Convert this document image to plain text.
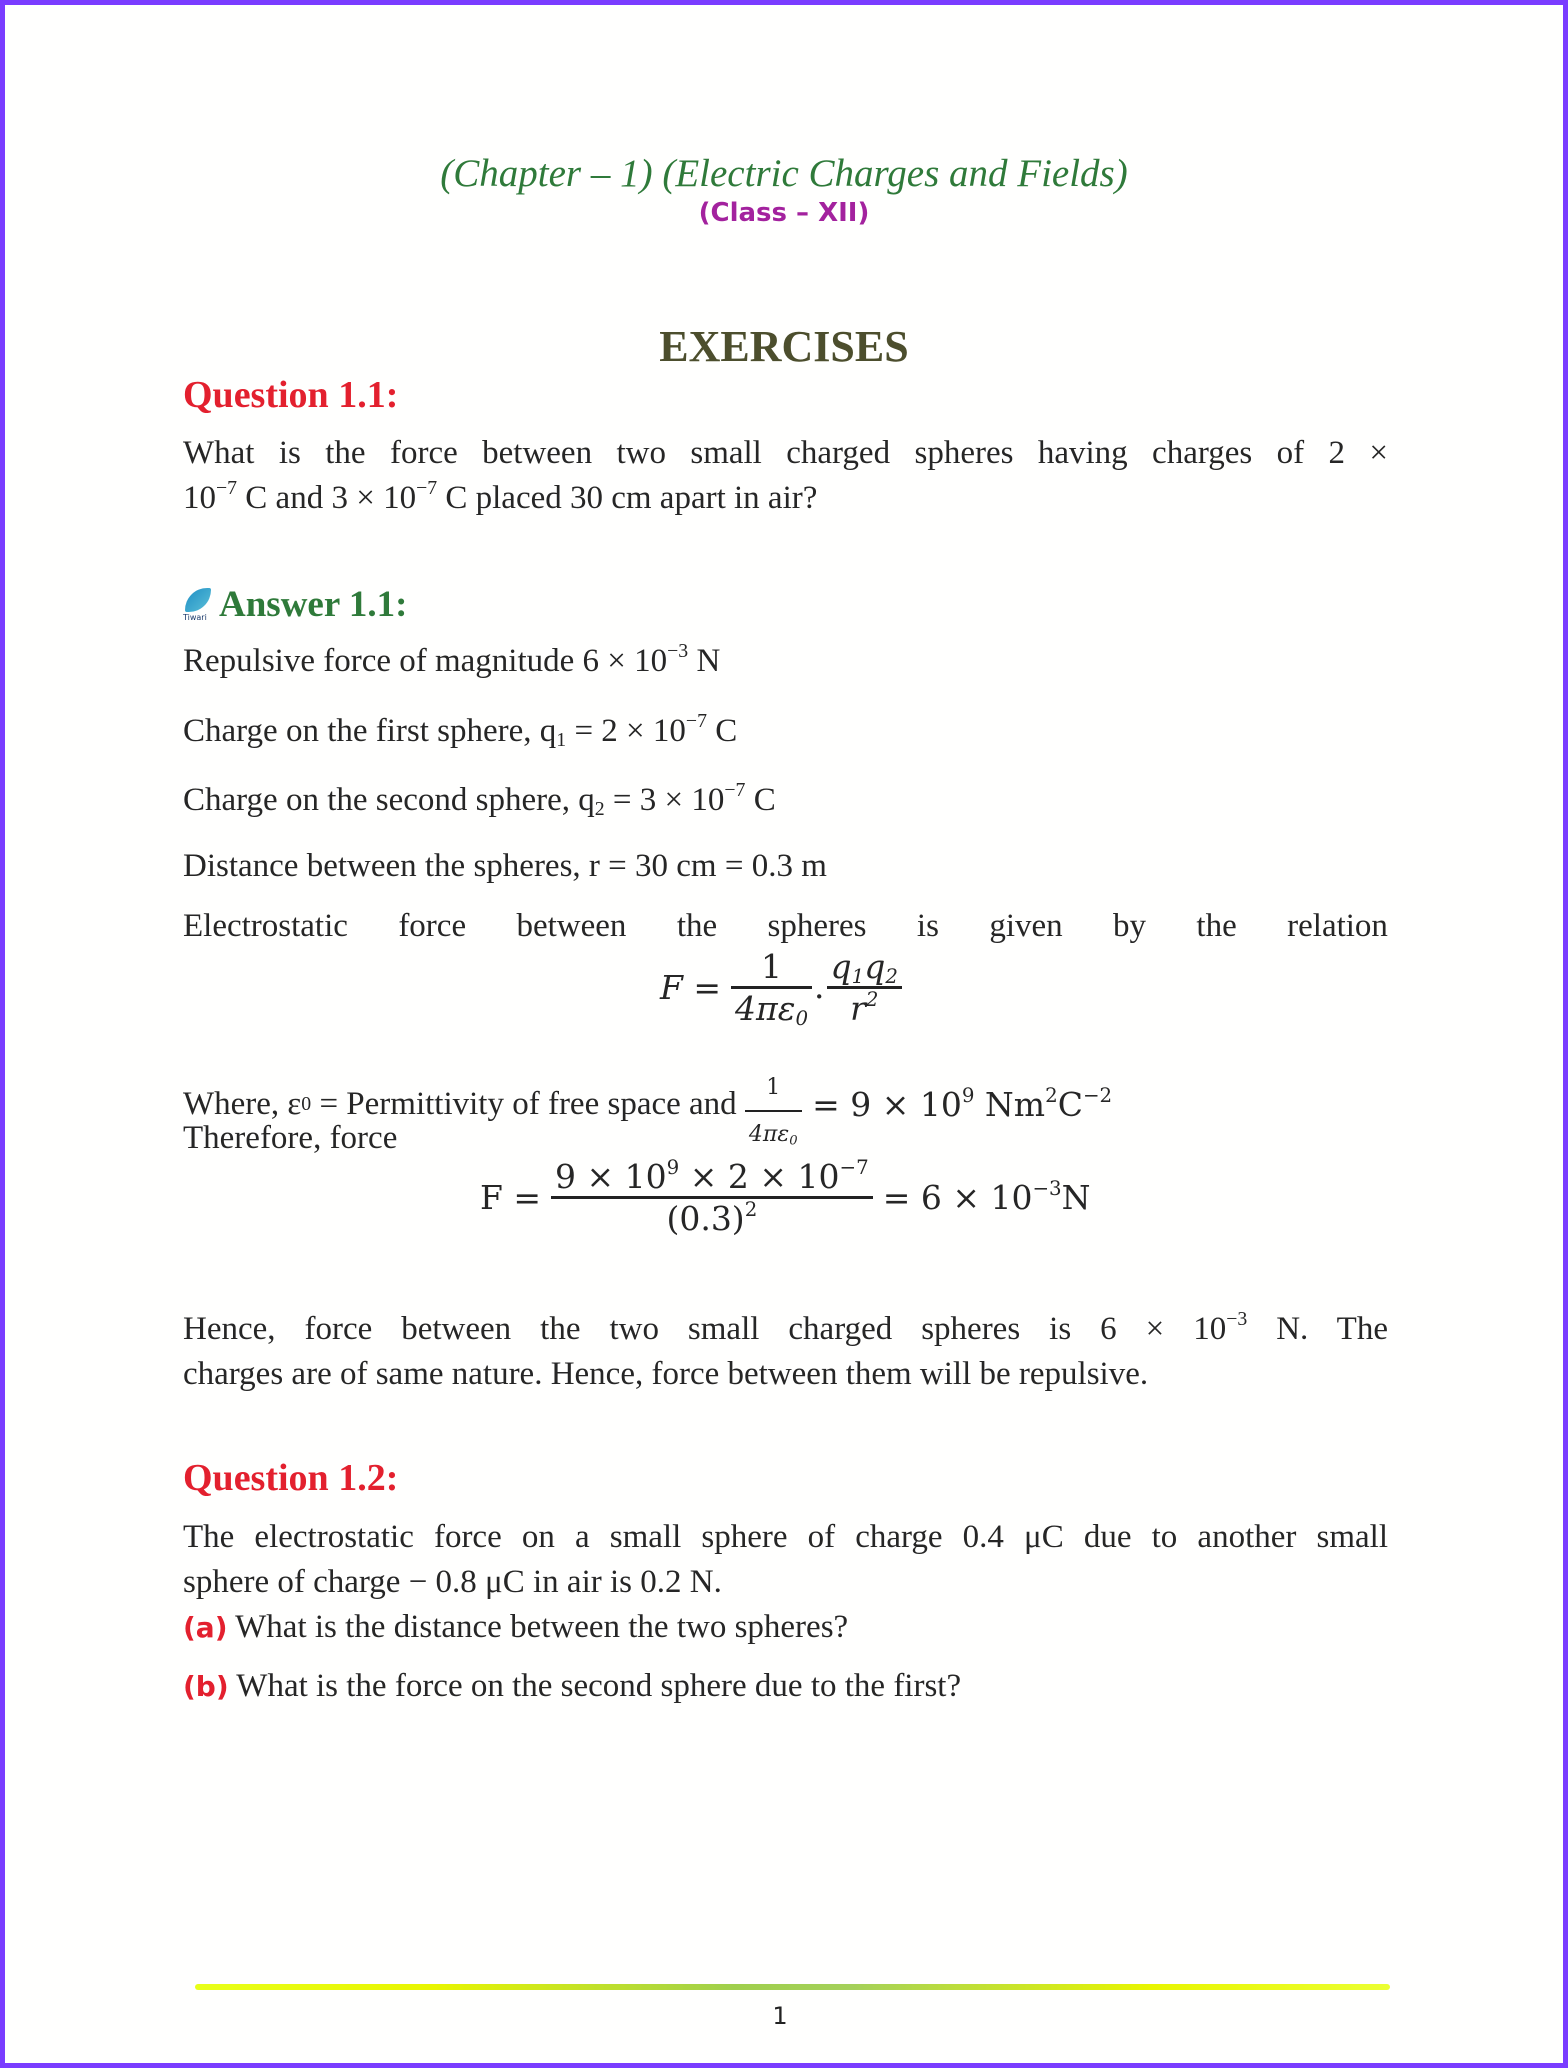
(Chapter – 1) (Electric Charges and Fields)
(Class – XII)
EXERCISES
Question 1.1:
What is the force between two small charged spheres having charges of 2 ×
$10^{-7}$ C and $3 \times 10^{-7}$ C placed 30 cm apart in air?
Tiwari Answer 1.1:
Repulsive force of magnitude $6 \times 10^{-3}$ N
Charge on the first sphere, $q_1 = 2 \times 10^{-7}$ C
Charge on the second sphere, $q_2 = 3 \times 10^{-7}$ C
Distance between the spheres, r = 30 cm = 0.3 m
Electrostatic force between the spheres is given by the relation
$F = \frac{1}{4\pi\varepsilon_0} \cdot \frac{q_1q_2}{r^2}$
Where, ε 0 = Permittivity of free space and $\frac{1}{4\pi\varepsilon_0} = 9 \times 10^9$ $Nm^2C^{-2}$
Therefore, force
$F = \frac{9 \times 10^9 \times 2 \times 10^{-7}}{(0.3)^2} = 6 \times 10^{-3}N$
Hence, force between the two small charged spheres is $6 \times 10^{-3}$ N. The
charges are of same nature. Hence, force between them will be repulsive.
Question 1.2:
The electrostatic force on a small sphere of charge 0.4 μC due to another small
sphere of charge − 0.8 μC in air is 0.2 N.
(a) What is the distance between the two spheres?
(b) What is the force on the second sphere due to the first?
1
